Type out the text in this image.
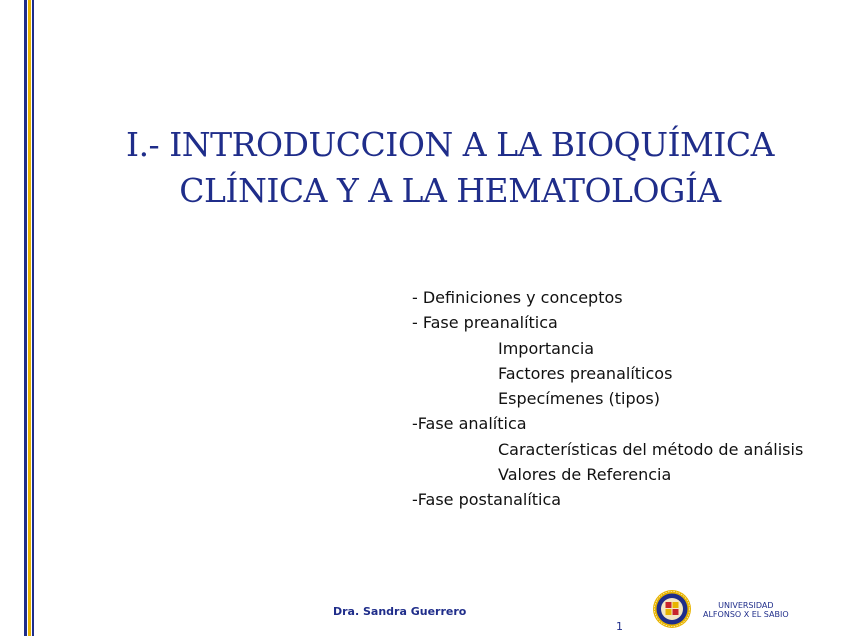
I.- INTRODUCCION A LA BIOQUÍMICA
CLÍNICA Y A LA HEMATOLOGÍA
- Definiciones y conceptos
- Fase preanalítica
Importancia
Factores preanalíticos
Especímenes (tipos)
-Fase analítica
Características del método de análisis
Valores de Referencia
-Fase postanalítica
Dra. Sandra Guerrero
1
UNIVERSIDAD
ALFONSO X EL SABIO
